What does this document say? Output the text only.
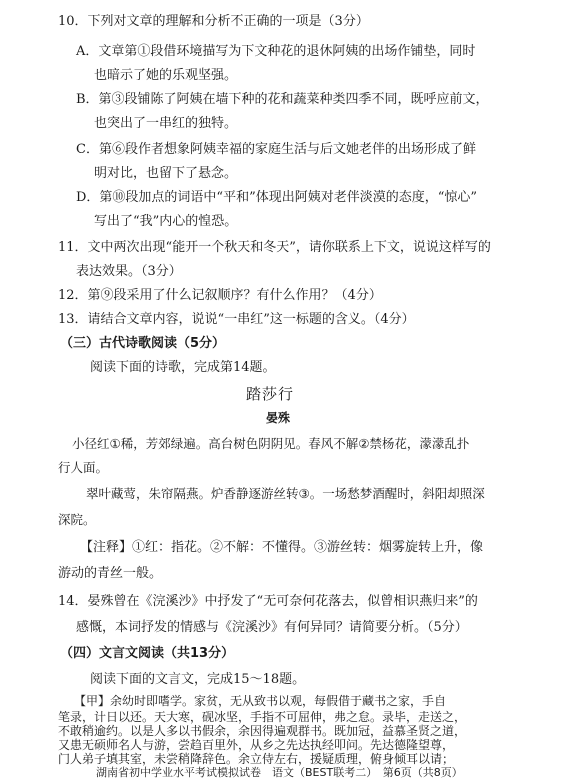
10．下列对文章的理解和分析不正确的一项是（3分）
A．文章第①段借环境描写为下文种花的退休阿姨的出场作铺垫，同时
也暗示了她的乐观坚强。
B．第③段铺陈了阿姨在墙下种的花和蔬菜种类四季不同，既呼应前文，
也突出了一串红的独特。
C．第⑥段作者想象阿姨幸福的家庭生活与后文她老伴的出场形成了鲜
明对比，也留下了悬念。
D．第⑩段加点的词语中“平和”体现出阿姨对老伴淡漠的态度，“惊心”
写出了“我”内心的惶恐。
11．文中两次出现“能开一个秋天和冬天”，请你联系上下文，说说这样写的
表达效果。（3分）
12．第⑨段采用了什么记叙顺序？有什么作用？（4分）
13．请结合文章内容，说说“一串红”这一标题的含义。（4分）
（三）古代诗歌阅读（5分）
阅读下面的诗歌，完成第14题。
踏莎行
晏殊
小径红①稀，芳郊绿遍。高台树色阴阴见。春风不解②禁杨花，濛濛乱扑
行人面。
翠叶藏莺，朱帘隔燕。炉香静逐游丝转③。一场愁梦酒醒时，斜阳却照深
深院。
【注释】①红：指花。②不解：不懂得。③游丝转：烟雾旋转上升，像
游动的青丝一般。
14．晏殊曾在《浣溪沙》中抒发了“无可奈何花落去，似曾相识燕归来”的
感慨，本词抒发的情感与《浣溪沙》有何异同？请简要分析。（5分）
（四）文言文阅读（共13分）
阅读下面的文言文，完成15～18题。
【甲】余幼时即嗜学。家贫，无从致书以观，每假借于藏书之家，手自
笔录，计日以还。天大寒，砚冰坚，手指不可屈伸，弗之怠。录毕，走送之，
不敢稍逾约。以是人多以书假余，余因得遍观群书。既加冠，益慕圣贤之道，
又患无硕师名人与游，尝趋百里外，从乡之先达执经叩问。先达德隆望尊，
门人弟子填其室，未尝稍降辞色。余立侍左右，援疑质理，俯身倾耳以请；
湖南省初中学业水平考试模拟试卷　语文（BEST联考二）　第6页（共8页）
